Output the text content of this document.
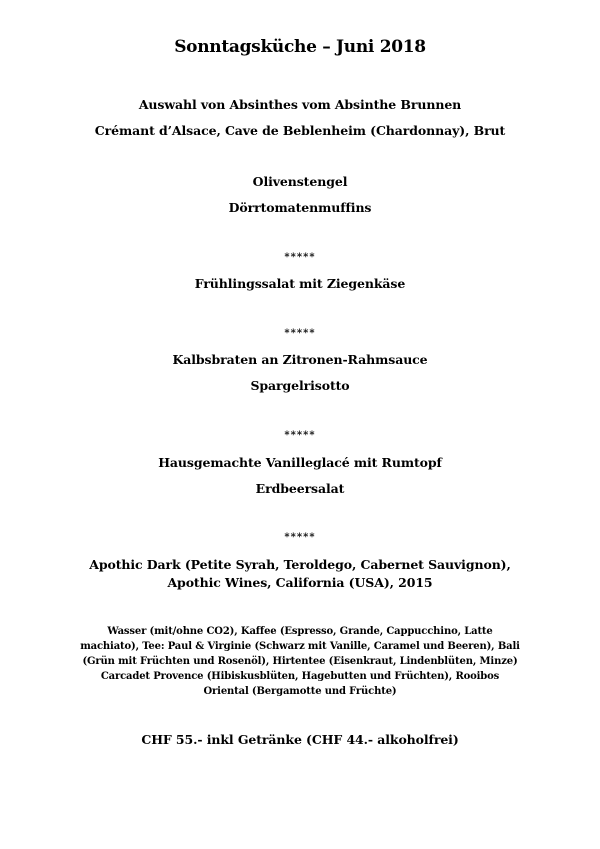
Sonntagsküche – Juni 2018
Auswahl von Absinthes vom Absinthe Brunnen
Crémant d’Alsace, Cave de Beblenheim (Chardonnay), Brut
Olivenstengel
Dörrtomatenmuffins
*****
Frühlingssalat mit Ziegenkäse
*****
Kalbsbraten an Zitronen-Rahmsauce
Spargelrisotto
*****
Hausgemachte Vanilleglacé mit Rumtopf
Erdbeersalat
*****
Apothic Dark (Petite Syrah, Teroldego, Cabernet Sauvignon),
Apothic Wines, California (USA), 2015
Wasser (mit/ohne CO2), Kaffee (Espresso, Grande, Cappucchino, Latte machiato), Tee: Paul & Virginie (Schwarz mit Vanille, Caramel und Beeren), Bali (Grün mit Früchten und Rosenöl), Hirtentee (Eisenkraut, Lindenblüten, Minze) Carcadet Provence (Hibiskusblüten, Hagebutten und Früchten), Rooibos Oriental (Bergamotte und Früchte)
CHF 55.- inkl Getränke (CHF 44.- alkoholfrei)
